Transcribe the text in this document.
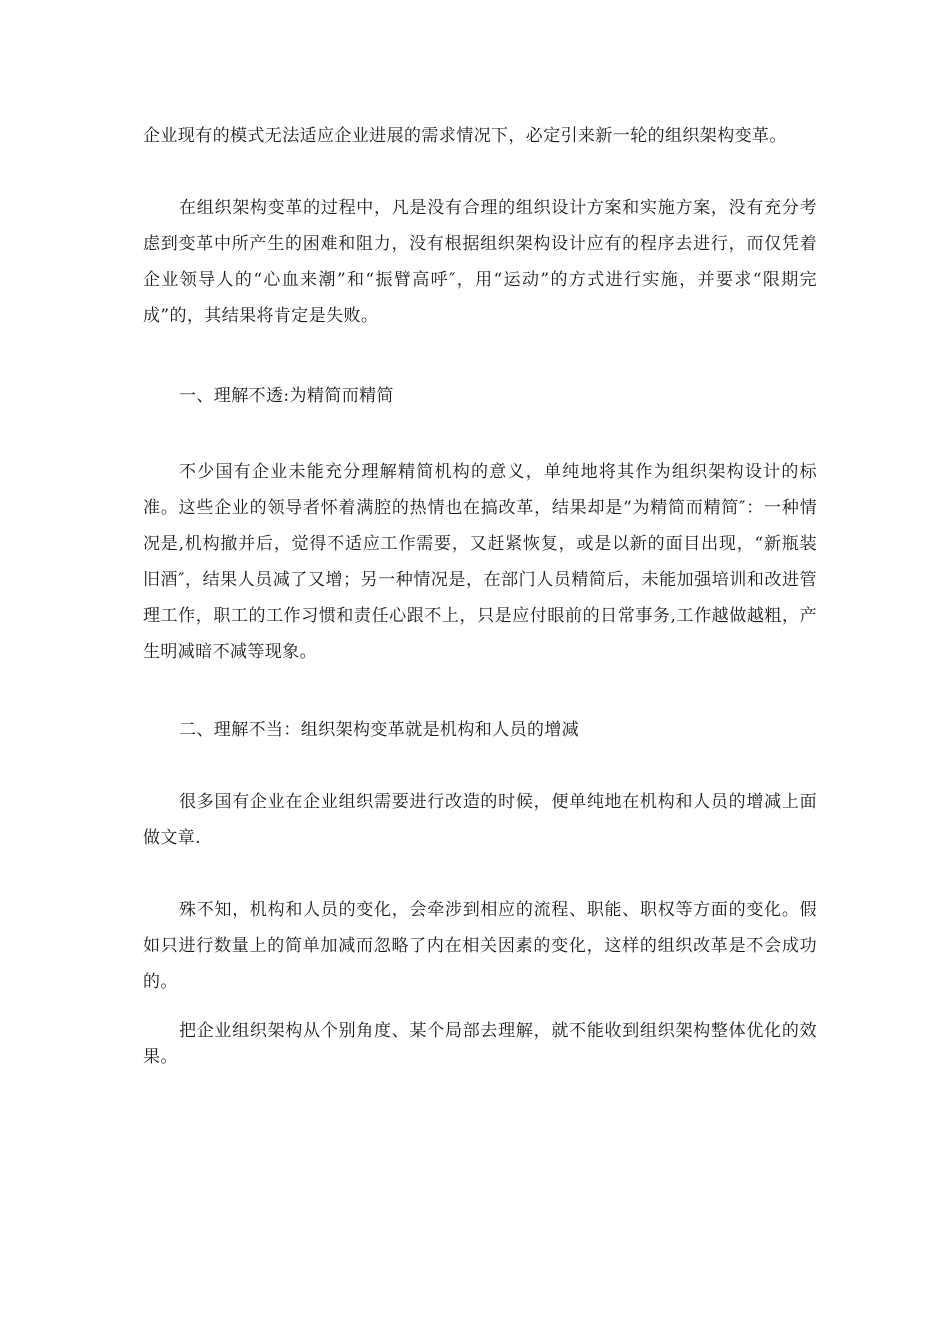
企业现有的模式无法适应企业进展的需求情况下，必定引来新一轮的组织架构变革。

在组织架构变革的过程中，凡是没有合理的组织设计方案和实施方案，没有充分考虑到变革中所产生的困难和阻力，没有根据组织架构设计应有的程序去进行，而仅凭着企业领导人的“心血来潮”和“振臂高呼″，用“运动”的方式进行实施，并要求“限期完成”的，其结果将肯定是失败。

一、理解不透:为精简而精简

不少国有企业未能充分理解精简机构的意义，单纯地将其作为组织架构设计的标准。这些企业的领导者怀着满腔的热情也在搞改革，结果却是“为精简而精简″：一种情况是,机构撤并后，觉得不适应工作需要，又赶紧恢复，或是以新的面目出现，“新瓶装旧酒″，结果人员减了又增；另一种情况是，在部门人员精简后，未能加强培训和改进管理工作，职工的工作习惯和责任心跟不上，只是应付眼前的日常事务,工作越做越粗，产生明减暗不减等现象。

二、理解不当：组织架构变革就是机构和人员的增减

很多国有企业在企业组织需要进行改造的时候，便单纯地在机构和人员的增减上面做文章.

殊不知，机构和人员的变化，会牵涉到相应的流程、职能、职权等方面的变化。假如只进行数量上的简单加减而忽略了内在相关因素的变化，这样的组织改革是不会成功的。

把企业组织架构从个别角度、某个局部去理解，就不能收到组织架构整体优化的效果。
